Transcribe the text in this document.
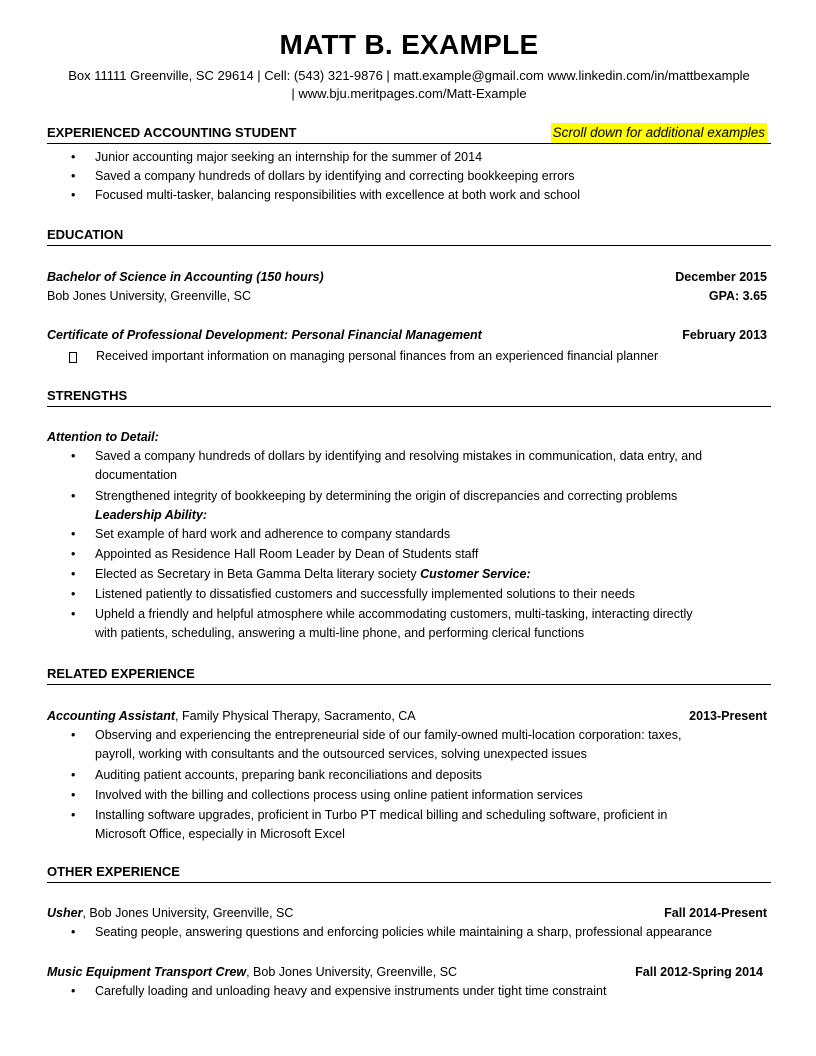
MATT B. EXAMPLE
Box 11111 Greenville, SC 29614 | Cell: (543) 321-9876 | matt.example@gmail.com www.linkedin.com/in/mattbexample
| www.bju.meritpages.com/Matt-Example
EXPERIENCED ACCOUNTING STUDENT	Scroll down for additional examples
• Junior accounting major seeking an internship for the summer of 2014
• Saved a company hundreds of dollars by identifying and correcting bookkeeping errors
• Focused multi-tasker, balancing responsibilities with excellence at both work and school
EDUCATION
Bachelor of Science in Accounting (150 hours)	December 2015
Bob Jones University, Greenville, SC	GPA: 3.65
Certificate of Professional Development: Personal Financial Management	February 2013
Received important information on managing personal finances from an experienced financial planner
STRENGTHS
Attention to Detail:
• Saved a company hundreds of dollars by identifying and resolving mistakes in communication, data entry, and
documentation
• Strengthened integrity of bookkeeping by determining the origin of discrepancies and correcting problems
Leadership Ability:
• Set example of hard work and adherence to company standards
• Appointed as Residence Hall Room Leader by Dean of Students staff
• Elected as Secretary in Beta Gamma Delta literary society Customer Service:
• Listened patiently to dissatisfied customers and successfully implemented solutions to their needs
• Upheld a friendly and helpful atmosphere while accommodating customers, multi-tasking, interacting directly
with patients, scheduling, answering a multi-line phone, and performing clerical functions
RELATED EXPERIENCE
Accounting Assistant, Family Physical Therapy, Sacramento, CA	2013-Present
• Observing and experiencing the entrepreneurial side of our family-owned multi-location corporation: taxes,
payroll, working with consultants and the outsourced services, solving unexpected issues
• Auditing patient accounts, preparing bank reconciliations and deposits
• Involved with the billing and collections process using online patient information services
• Installing software upgrades, proficient in Turbo PT medical billing and scheduling software, proficient in
Microsoft Office, especially in Microsoft Excel
OTHER EXPERIENCE
Usher, Bob Jones University, Greenville, SC	Fall 2014-Present
• Seating people, answering questions and enforcing policies while maintaining a sharp, professional appearance
Music Equipment Transport Crew, Bob Jones University, Greenville, SC	Fall 2012-Spring 2014
• Carefully loading and unloading heavy and expensive instruments under tight time constraint
